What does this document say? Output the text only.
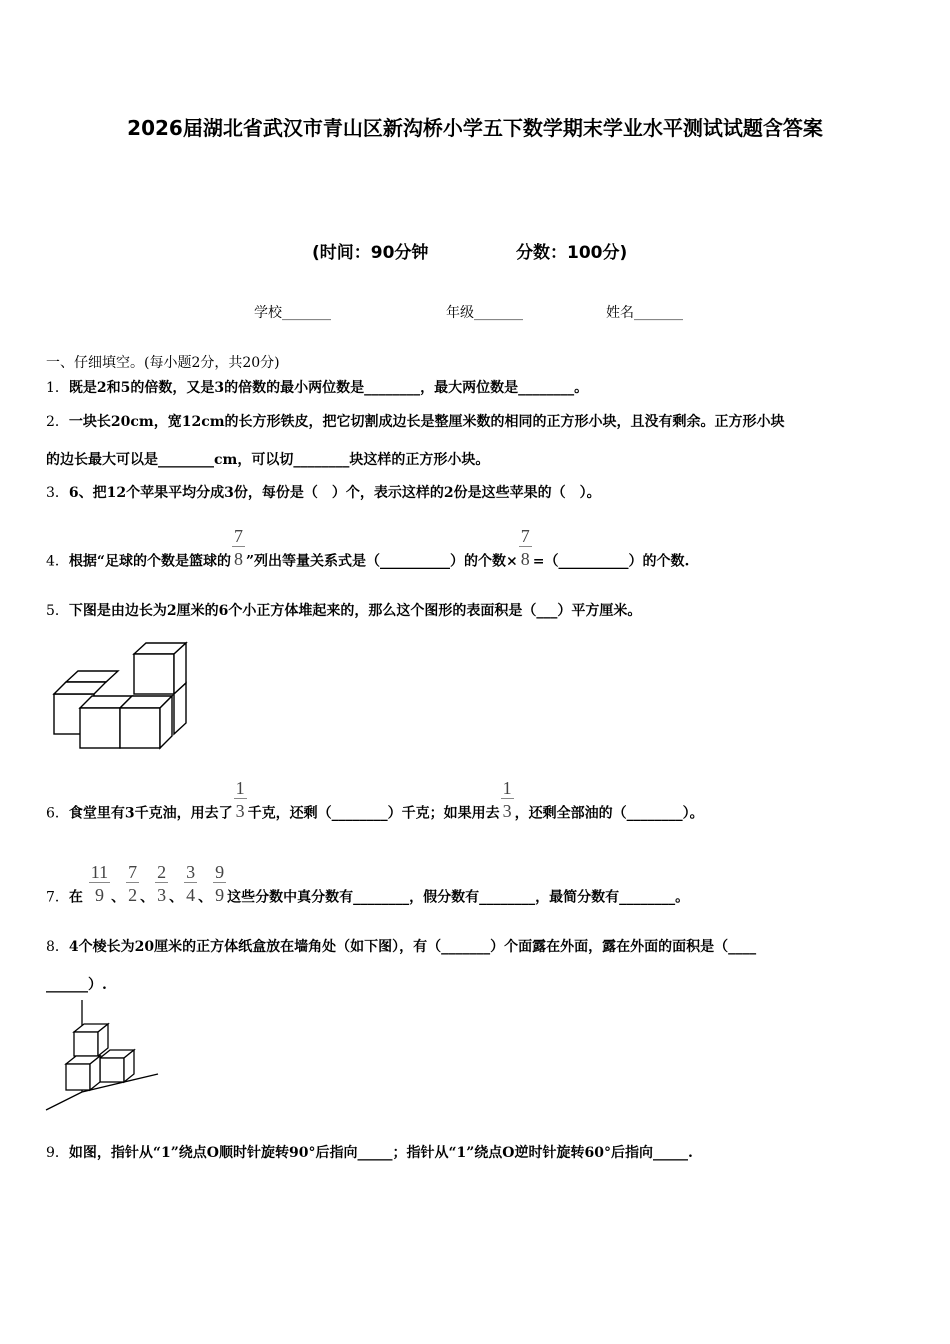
2026届湖北省武汉市青山区新沟桥小学五下数学期末学业水平测试试题含答案
(时间：90分钟	分数：100分)
学校_______	年级_______	姓名_______
一、仔细填空。(每小题2分，共20分)
1．既是2和5的倍数，又是3的倍数的最小两位数是________，最大两位数是________。
2．一块长20cm，宽12cm的长方形铁皮，把它切割成边长是整厘米数的相同的正方形小块，且没有剩余。正方形小块
的边长最大可以是________cm，可以切________块这样的正方形小块。
3．6、把12个苹果平均分成3份，每份是（　）个，表示这样的2份是这些苹果的（　）。
4．根据“足球的个数是篮球的 $\frac{7}{8}$ ”列出等量关系式是（__________）的个数× $\frac{7}{8}$ =（__________）的个数.
5．下图是由边长为2厘米的6个小正方体堆起来的，那么这个图形的表面积是（___）平方厘米。
6．食堂里有3千克油，用去了 $\frac{1}{3}$ 千克，还剩（________）千克；如果用去 $\frac{1}{3}$ ，还剩全部油的（________）。
7．在 $\frac{11}{9}$ 、 $\frac{7}{2}$ 、 $\frac{2}{3}$ 、 $\frac{3}{4}$ 、 $\frac{9}{9}$ 这些分数中真分数有________，假分数有________，最简分数有________。
8．4个棱长为20厘米的正方体纸盒放在墙角处（如下图），有（_______）个面露在外面，露在外面的面积是（____
______）.
9．如图，指针从“1”绕点O顺时针旋转90°后指向_____；指针从“1”绕点O逆时针旋转60°后指向_____.
